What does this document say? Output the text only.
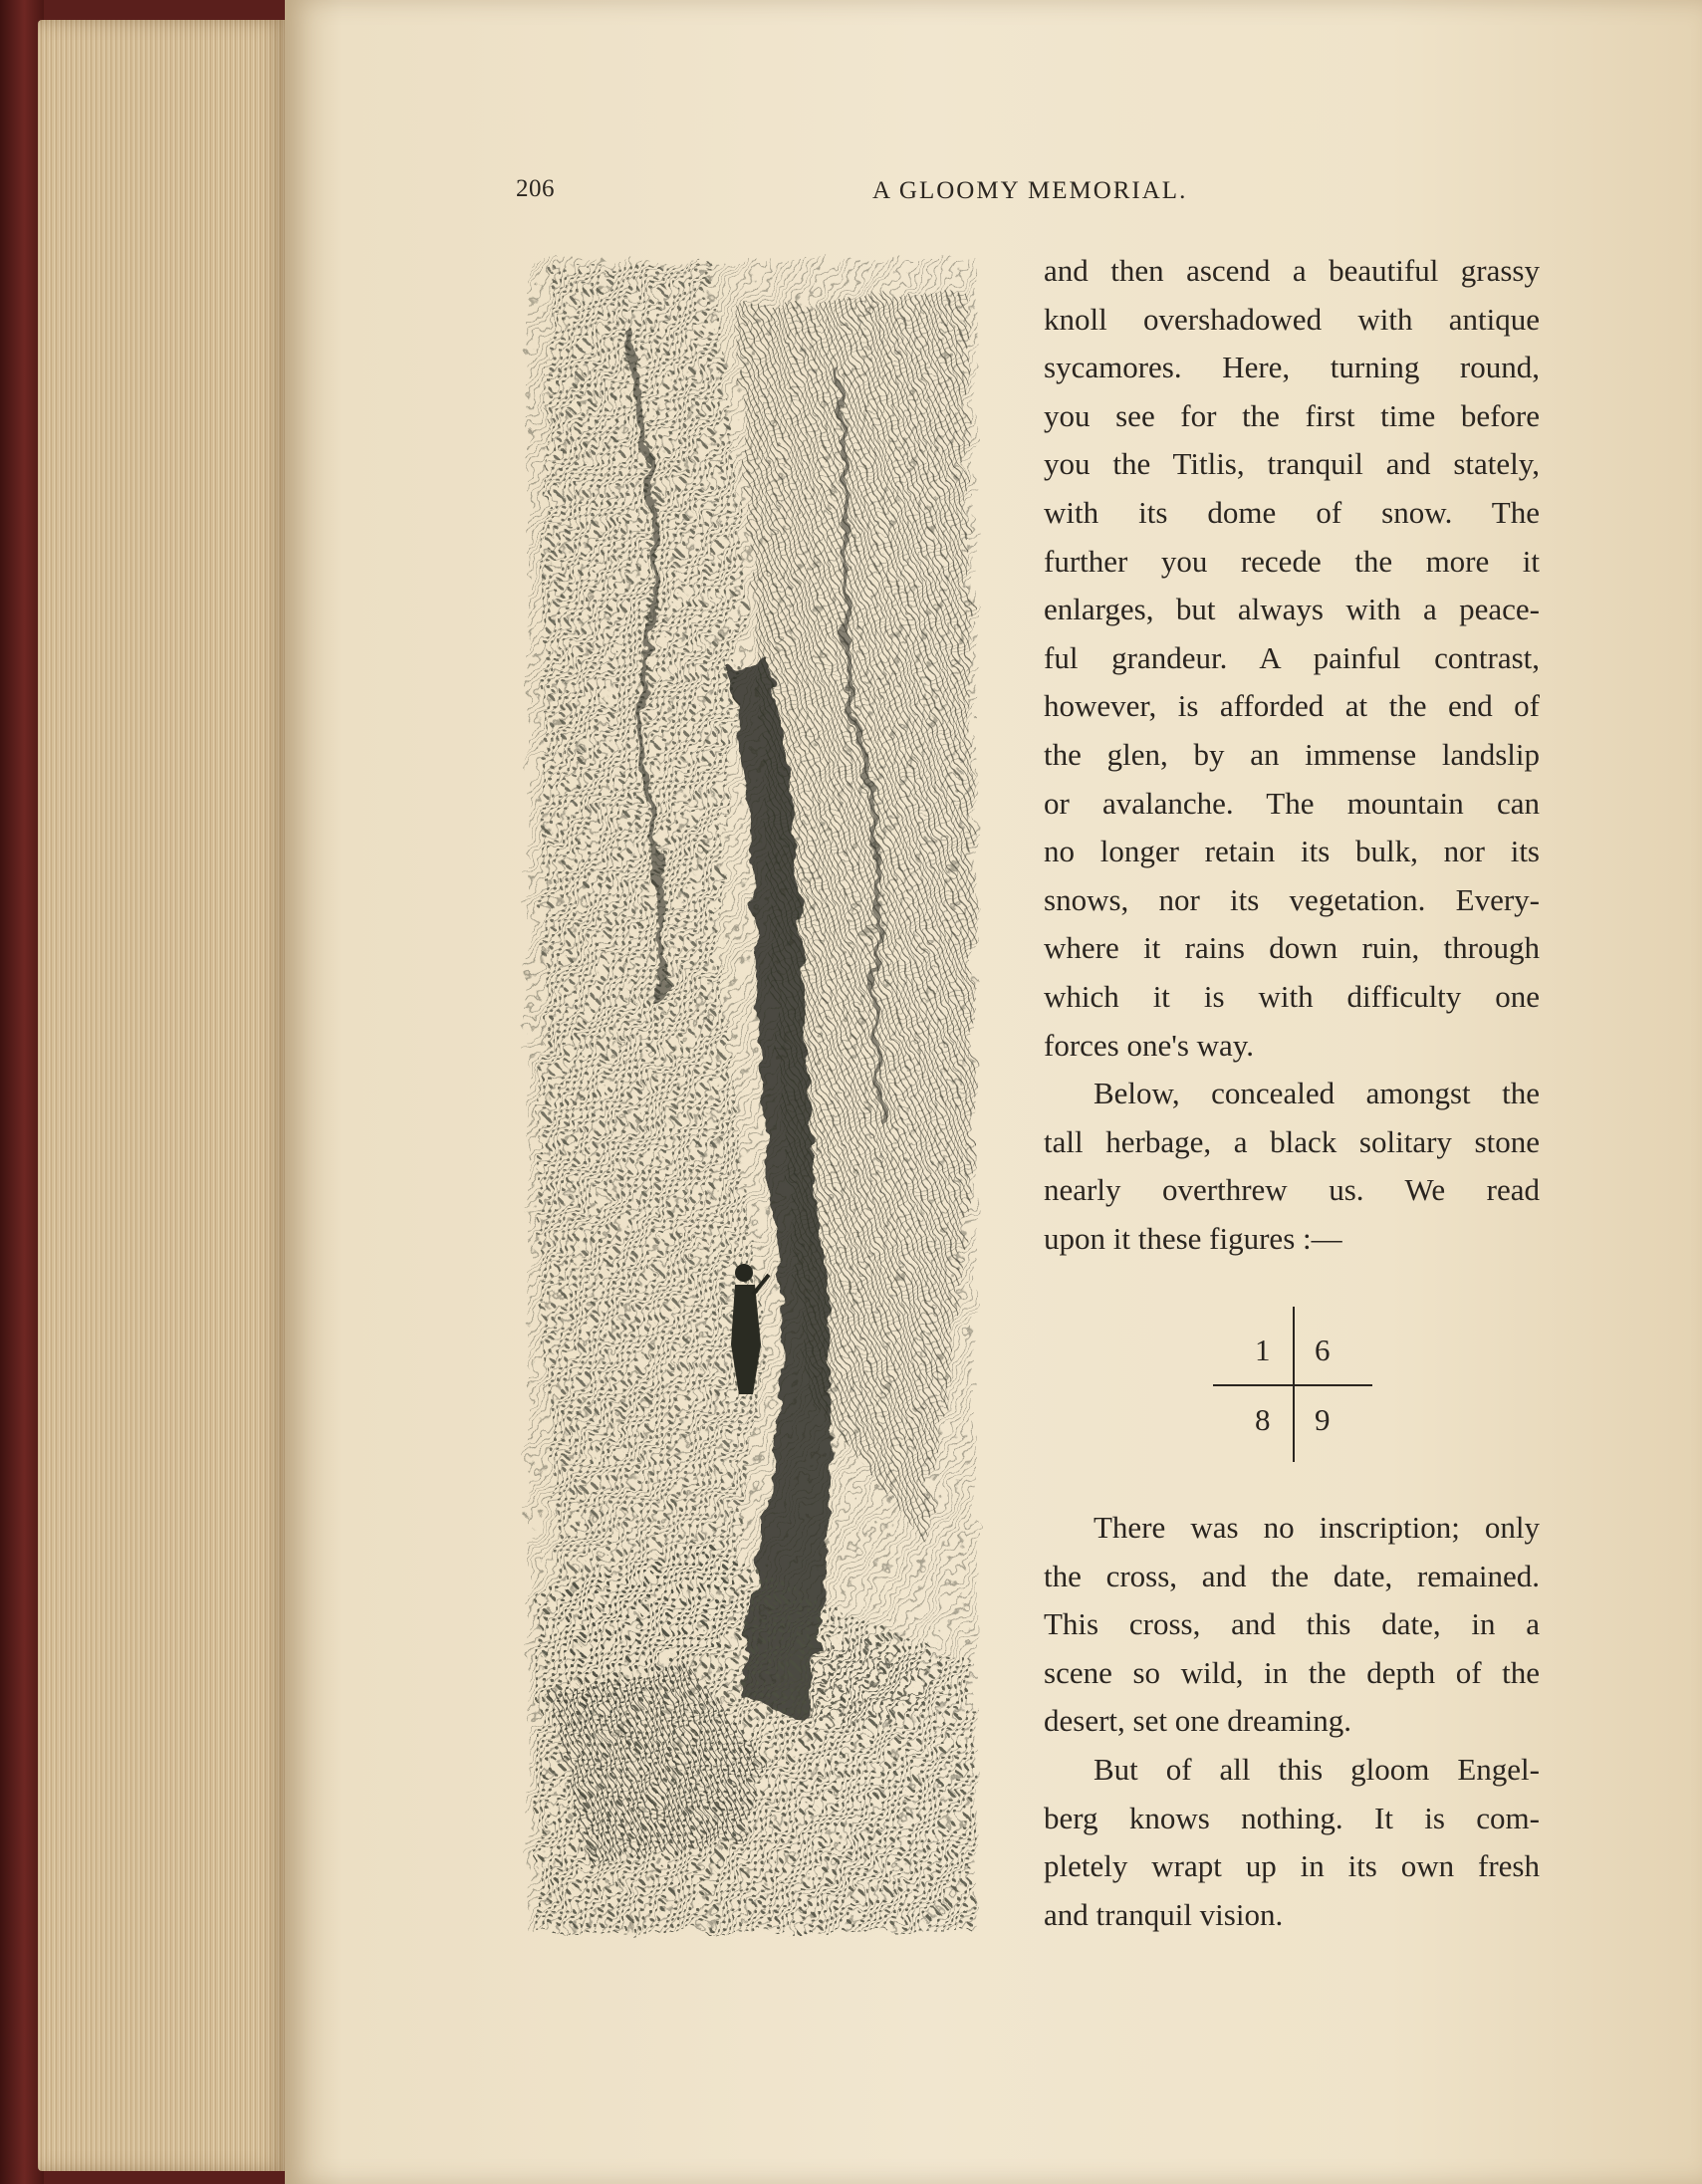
206	A GLOOMY MEMORIAL.
and then ascend a beautiful grassy
knoll overshadowed with antique
sycamores. Here, turning round,
you see for the first time before
you the Titlis, tranquil and stately,
with its dome of snow. The
further you recede the more it
enlarges, but always with a peace-
ful grandeur. A painful contrast,
however, is afforded at the end of
the glen, by an immense landslip
or avalanche. The mountain can
no longer retain its bulk, nor its
snows, nor its vegetation. Every-
where it rains down ruin, through
which it is with difficulty one
forces one's way.
Below, concealed amongst the
tall herbage, a black solitary stone
nearly overthrew us. We read
upon it these figures :—
1 6
8 9
There was no inscription; only
the cross, and the date, remained.
This cross, and this date, in a
scene so wild, in the depth of the
desert, set one dreaming.
But of all this gloom Engel-
berg knows nothing. It is com-
pletely wrapt up in its own fresh
and tranquil vision.
